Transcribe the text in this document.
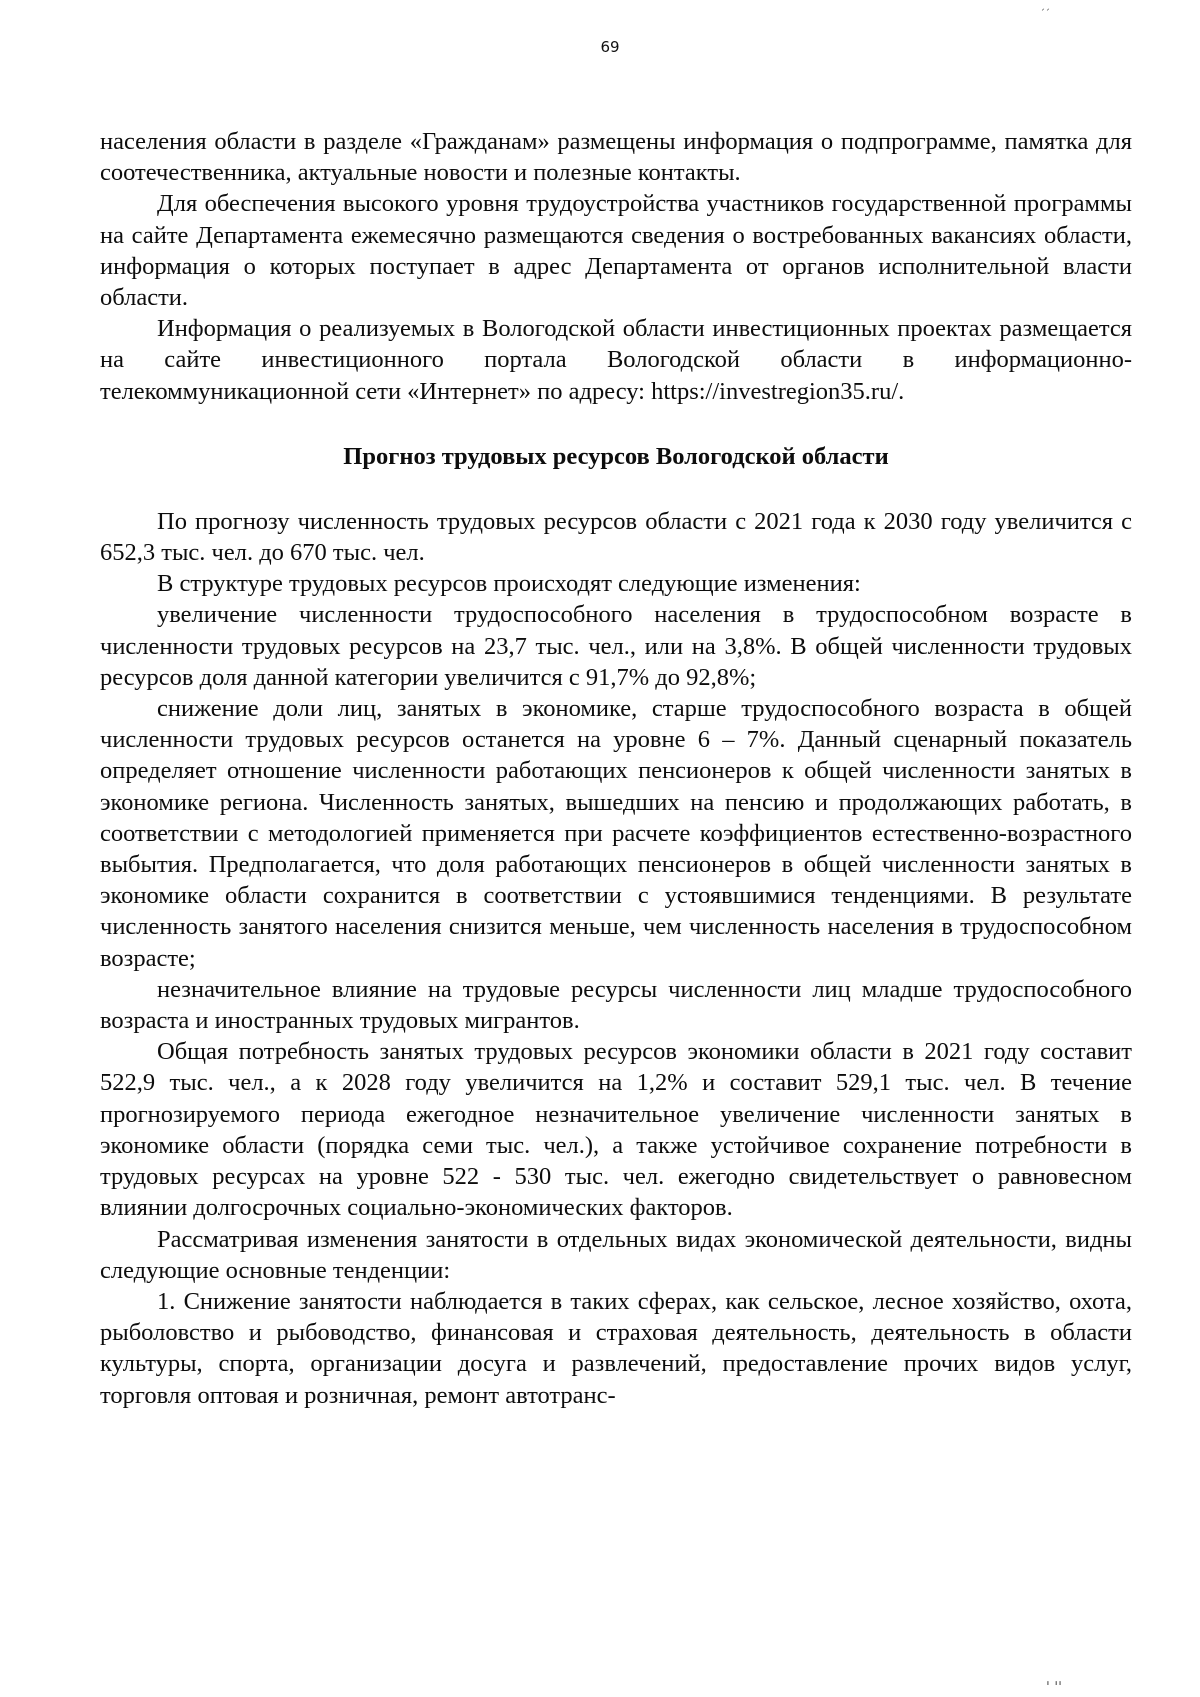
ˏˏ
69

населения области в разделе «Гражданам» размещены информация о подпрограмме, памятка для соотечественника, актуальные новости и полезные контакты.

Для обеспечения высокого уровня трудоустройства участников государственной программы на сайте Департамента ежемесячно размещаются сведения о востребованных вакансиях области, информация о которых поступает в адрес Департамента от органов исполнительной власти области.

Информация о реализуемых в Вологодской области инвестиционных проектах размещается на сайте инвестиционного портала Вологодской области в информационно-телекоммуникационной сети «Интернет» по адресу: https://investregion35.ru/.

Прогноз трудовых ресурсов Вологодской области

По прогнозу численность трудовых ресурсов области с 2021 года к 2030 году увеличится с 652,3 тыс. чел. до 670 тыс. чел.

В структуре трудовых ресурсов происходят следующие изменения:

увеличение численности трудоспособного населения в трудоспособном возрасте в численности трудовых ресурсов на 23,7 тыс. чел., или на 3,8%. В общей численности трудовых ресурсов доля данной категории увеличится с 91,7% до 92,8%;

снижение доли лиц, занятых в экономике, старше трудоспособного возраста в общей численности трудовых ресурсов останется на уровне 6 – 7%. Данный сценарный показатель определяет отношение численности работающих пенсионеров к общей численности занятых в экономике региона. Численность занятых, вышедших на пенсию и продолжающих работать, в соответствии с методологией применяется при расчете коэффициентов естественно-возрастного выбытия. Предполагается, что доля работающих пенсионеров в общей численности занятых в экономике области сохранится в соответствии с устоявшимися тенденциями. В результате численность занятого населения снизится меньше, чем численность населения в трудоспособном возрасте;

незначительное влияние на трудовые ресурсы численности лиц младше трудоспособного возраста и иностранных трудовых мигрантов.

Общая потребность занятых трудовых ресурсов экономики области в 2021 году составит 522,9 тыс. чел., а к 2028 году увеличится на 1,2% и составит 529,1 тыс. чел. В течение прогнозируемого периода ежегодное незначительное увеличение численности занятых в экономике области (порядка семи тыс. чел.), а также устойчивое сохранение потребности в трудовых ресурсах на уровне 522 - 530 тыс. чел. ежегодно свидетельствует о равновесном влиянии долгосрочных социально-экономических факторов.

Рассматривая изменения занятости в отдельных видах экономической деятельности, видны следующие основные тенденции:

1. Снижение занятости наблюдается в таких сферах, как сельское, лесное хозяйство, охота, рыболовство и рыбоводство, финансовая и страховая деятельность, деятельность в области культуры, спорта, организации досуга и развлечений, предоставление прочих видов услуг, торговля оптовая и розничная, ремонт автотранс-

ˌ ˌˌ
